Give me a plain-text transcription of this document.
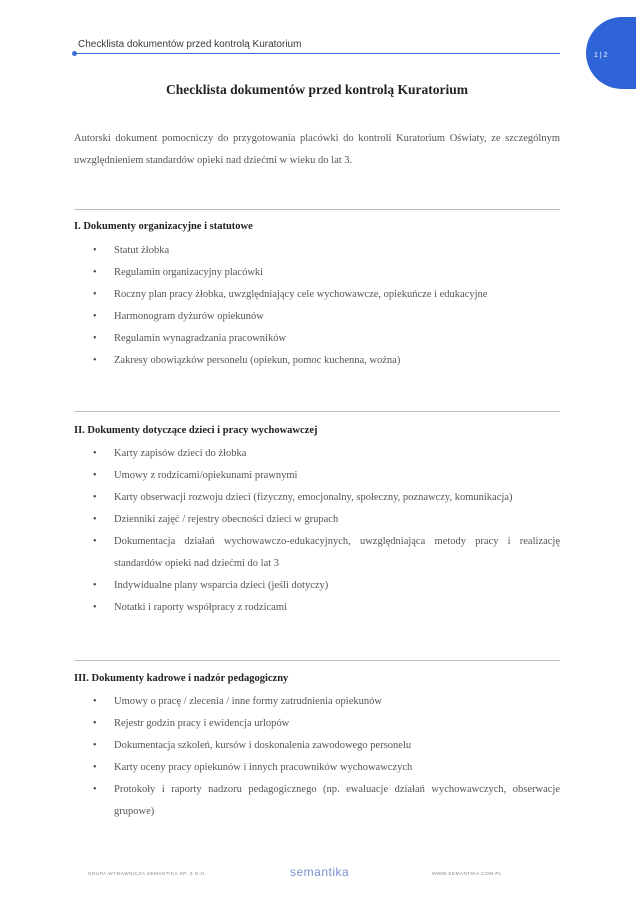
Checklista dokumentów przed kontrolą Kuratorium
1 | 2
Checklista dokumentów przed kontrolą Kuratorium
Autorski dokument pomocniczy do przygotowania placówki do kontroli Kuratorium Oświaty, ze szczególnym uwzględnieniem standardów opieki nad dziećmi w wieku do lat 3.
I. Dokumenty organizacyjne i statutowe
• Statut żłobka
• Regulamin organizacyjny placówki
• Roczny plan pracy żłobka, uwzględniający cele wychowawcze, opiekuńcze i edukacyjne
• Harmonogram dyżurów opiekunów
• Regulamin wynagradzania pracowników
• Zakresy obowiązków personelu (opiekun, pomoc kuchenna, woźna)
II. Dokumenty dotyczące dzieci i pracy wychowawczej
• Karty zapisów dzieci do żłobka
• Umowy z rodzicami/opiekunami prawnymi
• Karty obserwacji rozwoju dzieci (fizyczny, emocjonalny, społeczny, poznawczy, komunikacja)
• Dzienniki zajęć / rejestry obecności dzieci w grupach
• Dokumentacja działań wychowawczo-edukacyjnych, uwzględniająca metody pracy i realizację standardów opieki nad dziećmi do lat 3
• Indywidualne plany wsparcia dzieci (jeśli dotyczy)
• Notatki i raporty współpracy z rodzicami
III. Dokumenty kadrowe i nadzór pedagogiczny
• Umowy o pracę / zlecenia / inne formy zatrudnienia opiekunów
• Rejestr godzin pracy i ewidencja urlopów
• Dokumentacja szkoleń, kursów i doskonalenia zawodowego personelu
• Karty oceny pracy opiekunów i innych pracowników wychowawczych
• Protokoły i raporty nadzoru pedagogicznego (np. ewaluacje działań wychowawczych, obserwacje grupowe)
GRUPA WYDAWNICZA SEMANTIKA SP. Z O.O.	semantika	WWW.SEMANTIKA.COM.PL
